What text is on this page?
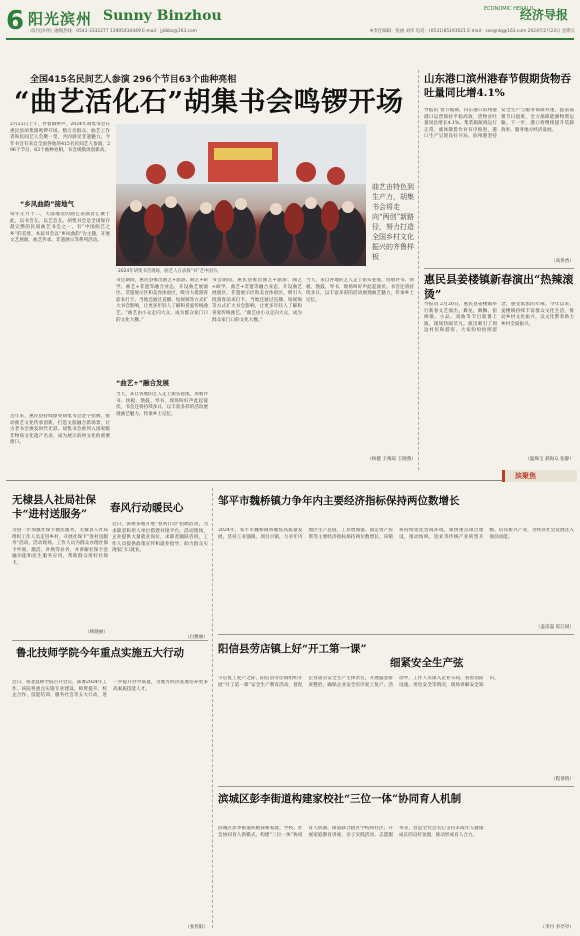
6 阳光滨州 Sunny Binzhou	ECONOMIC HERALD
经济导报
《阳光滨州》融媒热线：0543-3332277 13905434449 E-mail：jjdbbz@163.com	※责任编辑：张丽 刘伟 电话：(0531)85193021 E-mail：songnlq@163.com 2024年2月23日 星期五
全国415名民间艺人参演 296个节目63个曲种亮相
“曲艺活化石”胡集书会鸣锣开场
2月23日上午，伴着铜锣声，2024年胡集书会在惠民县胡集镇鸣锣开场。数万名群众、曲艺工作者和民间艺人会聚一堂，共同感受非遗魅力。今年书会有来自全国各地的415名民间艺人参演，296个节目、63个曲种亮相，书会规模再创新高。
“乡风曲韵”接地气
每年正月十二，天南地北的曲艺表演者汇聚于此，以书会友、以艺会友。胡集书会是全国保存最完整的民间曲艺书会之一，有“中国曲艺之乡”的美誉。本届书会以“乡风曲韵”为主题，开展文艺展演、曲艺传承、非遗展示等系列活动。
近年来，惠民县持续擦亮胡集书会金字招牌，推动曲艺文化传承创新，打造文旅融合新场景，让古老书会焕发时代光彩。胡集书会被列入国家级非物质文化遗产名录，成为展示滨州文化的重要窗口。
2024年胡集书会现场，曲艺人在表演“书”艺中国为。
曲艺由特色到生产力，胡集书会将走向“两创”新路径，努力打造全国乡村文化振兴的齐鲁样板
书会期间，惠民县推出曲艺+旅游、曲艺+研学、曲艺+非遗等融合业态，开设曲艺展演区、非遗展示区和美食体验区，吸引大批游客前来打卡。当地还通过直播、短视频等方式扩大书会影响，让更多年轻人了解和喜爱传统曲艺。“曲艺由小众走向大众，成为群众家门口的文化大餐。”
“曲艺+”融合发展
当天，来自各地的艺人走上街头巷尾，说唱评书、快板、渔鼓、琴书，现场叫好声此起彼伏。书会还将持续多日，以丰富多彩的活动展现曲艺魅力，传承乡土记忆。
书会期间，惠民县推出曲艺+旅游、曲艺+研学、曲艺+非遗等融合业态，开设曲艺展演区、非遗展示区和美食体验区，吸引大批游客前来打卡。当地还通过直播、短视频等方式扩大书会影响，让更多年轻人了解和喜爱传统曲艺。“曲艺由小众走向大众，成为群众家门口的文化大餐。”
当天，来自各地的艺人走上街头巷尾，说唱评书、快板、渔鼓、琴书，现场叫好声此起彼伏。书会还将持续多日，以丰富多彩的活动展现曲艺魅力，传承乡土记忆。
（杨健 王梅琼 王晓燕）
山东港口滨州港春节假期货物吞吐量同比增4.1%
导报讯 春节假期，山东港口滨州港港口运营保持平稳高效，货物吞吐量同比增长4.1%。集装箱航线运行正常，液体散货作业有序推进，港口生产呈现良好开局。滨州港坚持安全生产与服务保障并重，提前部署节日值班，全力保障能源物资运输。下一步，港口将继续提升装卸效率，服务地方经济发展。
（高侨香）
惠民县姜楼镇新春演出“热辣滚烫”
导报讯 2月20日，惠民县姜楼镇举行新春文艺演出，舞龙、舞狮、扭秧歌、小品、戏曲等节目轮番上演，现场热闹非凡。演出吸引了周边村民和游客，大家纷纷拍照留念，感受浓浓的年味。今年以来，姜楼镇持续丰富群众文化生活，推动乡村文化振兴，以文化繁荣助力乡村全面振兴。
（温珠宝 郝海众 张静）
滨聚焦
无棣县人社局社保卡“进村送服务”
为进一步加强社保卡便民服务，无棣县人社局组织工作人员走进乡村，开展社保卡“进村送服务”活动。活动现场，工作人员为群众办理社保卡申领、激活、补换等业务，并讲解社保卡金融功能和民生服务应用，帮助群众用好社保卡。
（韩晓丽）
春风行动暖民心
近日，滨州多地开展“春风行动”招聘活动，为求职者和用人单位搭建对接平台。活动现场，企业提供大量就业岗位，求职者踊跃咨询，工作人员提供政策宣传和就业指导，助力群众实现家门口就业。
（白雅丽）
邹平市魏桥镇力争年内主要经济指标保持两位数增长
2024年，邹平市魏桥镇将聚焦高质量发展，坚持工业强镇、项目兴镇，力争年内地区生产总值、工业增加值、固定资产投资等主要经济指标保持两位数增长。该镇将持续优化营商环境，加快重点项目建设，推动纺织、铝业等传统产业转型升级，培育新兴产业，为经济社会发展注入强劲动能。
（盖彦磊 崔江斌）
鲁北技师学院今年重点实施五大行动
近日，鲁北技师学院召开会议，部署2024年工作。该院将重点实施专业建设、师资提升、校企合作、技能培训、服务社会等五大行动，进一步提升办学质量，为地方经济发展培养更多高素质技能人才。
（张传阳）
阳信县劳店镇上好“开工第一课”
细紧安全生产弦
节后复工复产之际，阳信县劳店镇组织开展“开工第一课”安全生产教育活动，督促企业落实安全生产主体责任，开展隐患排查整治，确保企业安全有序复工复产。活动中，工作人员深入企业车间，查看消防设施、用电安全等情况，现场讲解安全知识。
（程倩倩）
滨城区彭李街道构建家校社“三位一体”协同育人机制
滨城区彭李街道积极探索家庭、学校、社会协同育人新模式，构建“三位一体”协同育人机制。街道联合辖区学校和社区，开展家庭教育讲座、亲子实践活动、志愿服务等，营造全社会关心支持未成年人健康成长的良好氛围，推动形成育人合力。
（李丹 李亭亭）
